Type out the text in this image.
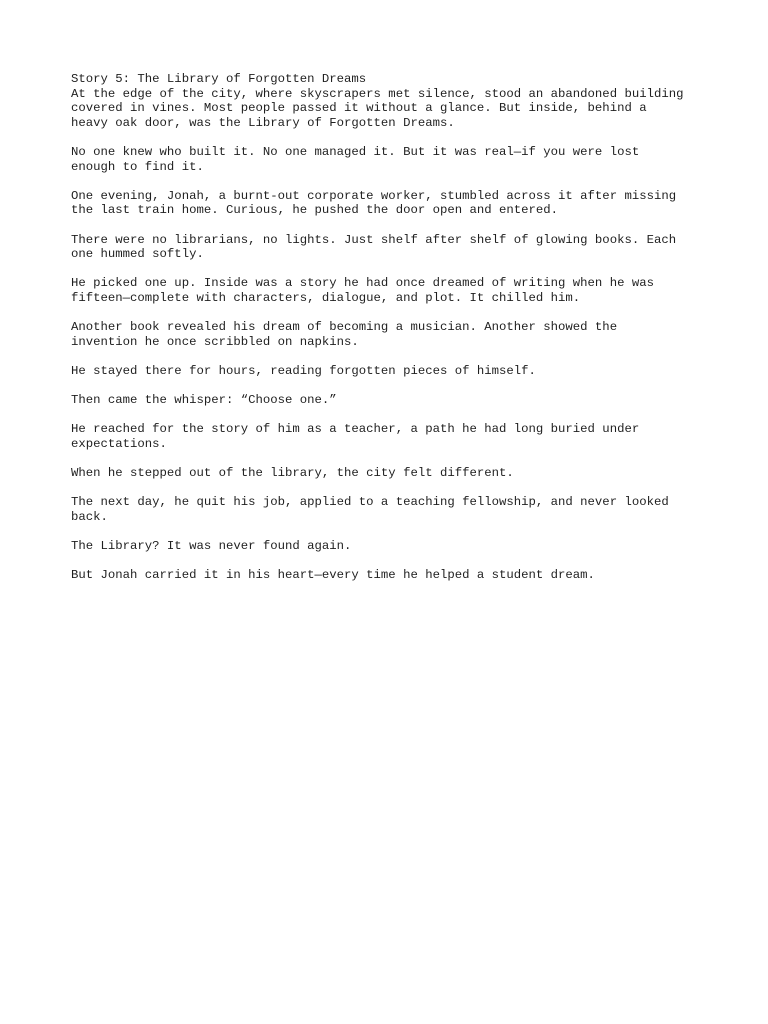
Story 5: The Library of Forgotten Dreams

At the edge of the city, where skyscrapers met silence, stood an abandoned building
covered in vines. Most people passed it without a glance. But inside, behind a
heavy oak door, was the Library of Forgotten Dreams.

No one knew who built it. No one managed it. But it was real—if you were lost
enough to find it.

One evening, Jonah, a burnt-out corporate worker, stumbled across it after missing
the last train home. Curious, he pushed the door open and entered.

There were no librarians, no lights. Just shelf after shelf of glowing books. Each
one hummed softly.

He picked one up. Inside was a story he had once dreamed of writing when he was
fifteen—complete with characters, dialogue, and plot. It chilled him.

Another book revealed his dream of becoming a musician. Another showed the
invention he once scribbled on napkins.

He stayed there for hours, reading forgotten pieces of himself.

Then came the whisper: “Choose one.”

He reached for the story of him as a teacher, a path he had long buried under
expectations.

When he stepped out of the library, the city felt different.

The next day, he quit his job, applied to a teaching fellowship, and never looked
back.

The Library? It was never found again.

But Jonah carried it in his heart—every time he helped a student dream.
